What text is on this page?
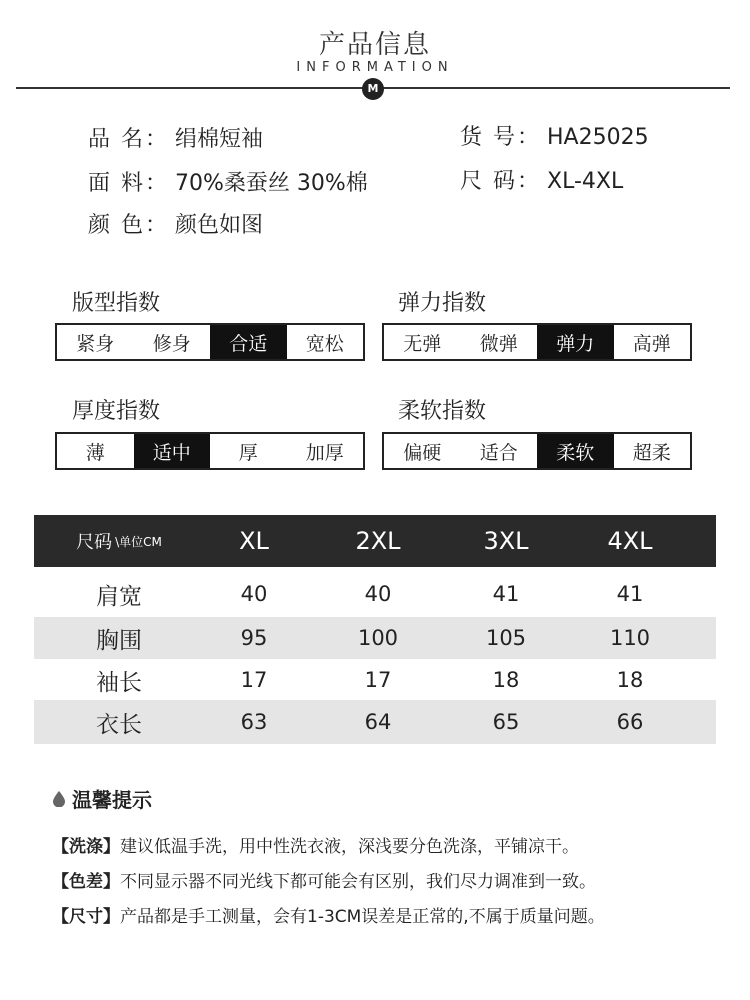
产品信息
INFORMATION
M
品 名： 绢棉短袖
面 料： 70%桑蚕丝 30%棉
颜 色： 颜色如图
货 号： HA25025
尺 码： XL-4XL
版型指数
紧身	修身	合适	宽松
弹力指数
无弹	微弹	弹力	高弹
厚度指数
薄	适中	厚	加厚
柔软指数
偏硬	适合	柔软	超柔
尺码 \单位CM	XL	2XL	3XL	4XL
肩宽	40	40	41	41
胸围	95	100	105	110
袖长	17	17	18	18
衣长	63	64	65	66
温馨提示
【洗涤】建议低温手洗，用中性洗衣液，深浅要分色洗涤，平铺凉干。
【色差】不同显示器不同光线下都可能会有区别，我们尽力调准到一致。
【尺寸】产品都是手工测量，会有1-3CM误差是正常的,不属于质量问题。
